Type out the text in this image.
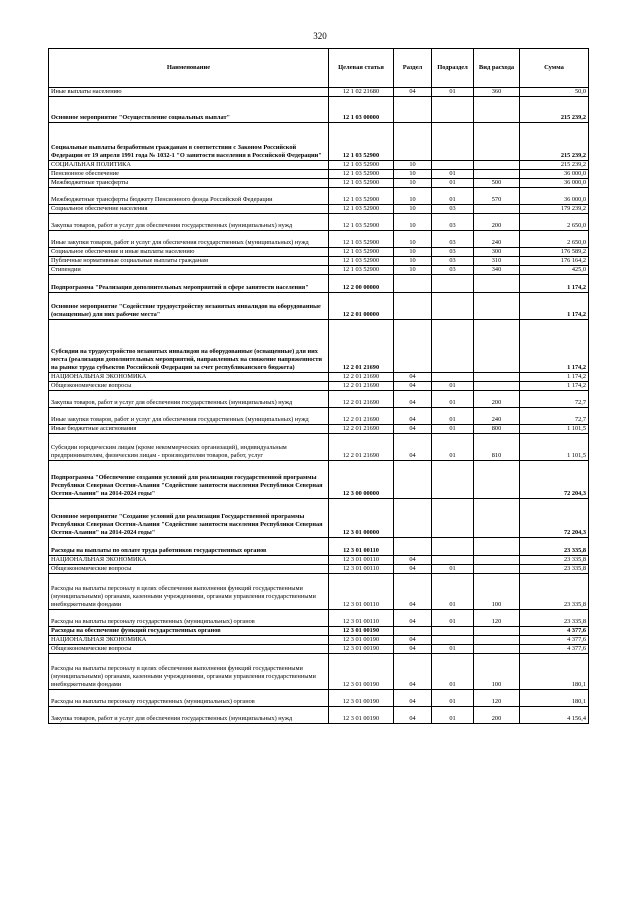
320
Наименование	Целевая статья	Раздел	Подраздел	Вид расхода	Сумма
Иные выплаты населению	12 1 02 21680	04	01	360	50,0
Основное мероприятие "Осуществление социальных выплат"	12 1 03 00000				215 239,2
Социальные выплаты безработным гражданам в соответствии с Законом Российской Федерации от 19 апреля 1991 года № 1032-1 "О занятости населения в Российской Федерации"	12 1 03 52900				215 239,2
СОЦИАЛЬНАЯ ПОЛИТИКА	12 1 03 52900	10			215 239,2
Пенсионное обеспечение	12 1 03 52900	10	01		36 000,0
Межбюджетные трансферты	12 1 03 52900	10	01	500	36 000,0
Межбюджетные трансферты бюджету Пенсионного фонда Российской Федерации	12 1 03 52900	10	01	570	36 000,0
Социальное обеспечение населения	12 1 03 52900	10	03		179 239,2
Закупка товаров, работ и услуг для обеспечения государственных (муниципальных) нужд	12 1 03 52900	10	03	200	2 650,0
Иные закупки товаров, работ и услуг для обеспечения государственных (муниципальных) нужд	12 1 03 52900	10	03	240	2 650,0
Социальное обеспечение и иные выплаты населению	12 1 03 52900	10	03	300	176 589,2
Публичные нормативные социальные выплаты гражданам	12 1 03 52900	10	03	310	176 164,2
Стипендии	12 1 03 52900	10	03	340	425,0
Подпрограмма "Реализация дополнительных мероприятий в сфере занятости населения"	12 2 00 00000				1 174,2
Основное мероприятие "Содействие трудоустройству незанятых инвалидов на оборудованные (оснащенные) для них рабочие места"	12 2 01 00000				1 174,2
Субсидии на трудоустройство незанятых инвалидов на оборудованные (оснащенные) для них места (реализация дополнительных мероприятий, направленных на снижение напряженности на рынке труда субъектов Российской Федерации за счет республиканского бюджета)	12 2 01 21690				1 174,2
НАЦИОНАЛЬНАЯ ЭКОНОМИКА	12 2 01 21690	04			1 174,2
Общеэкономические вопросы	12 2 01 21690	04	01		1 174,2
Закупка товаров, работ и услуг для обеспечения государственных (муниципальных) нужд	12 2 01 21690	04	01	200	72,7
Иные закупки товаров, работ и услуг для обеспечения государственных (муниципальных) нужд	12 2 01 21690	04	01	240	72,7
Иные бюджетные ассигнования	12 2 01 21690	04	01	800	1 101,5
Субсидии юридическим лицам (кроме некоммерческих организаций), индивидуальным предпринимателям, физическим лицам - производителям товаров, работ, услуг	12 2 01 21690	04	01	810	1 101,5
Подпрограмма "Обеспечение создания условий для реализации государственной программы Республики Северная Осетия-Алания "Содействие занятости населения Республики Северная Осетия-Алания" на 2014-2024 годы"	12 3 00 00000				72 204,3
Основное мероприятие "Создание условий для реализации Государственной программы Республики Северная Осетия-Алания "Содействие занятости населения Республики Северная Осетия-Алания" на 2014-2024 годы"	12 3 01 00000				72 204,3
Расходы на выплаты по оплате труда работников государственных органов	12 3 01 00110				23 335,8
НАЦИОНАЛЬНАЯ ЭКОНОМИКА	12 3 01 00110	04			23 335,8
Общеэкономические вопросы	12 3 01 00110	04	01		23 335,8
Расходы на выплаты персоналу в целях обеспечения выполнения функций государственными (муниципальными) органами, казенными учреждениями, органами управления государственными внебюджетными фондами	12 3 01 00110	04	01	100	23 335,8
Расходы на выплаты персоналу государственных (муниципальных) органов	12 3 01 00110	04	01	120	23 335,8
Расходы на обеспечение функций государственных органов	12 3 01 00190				4 377,6
НАЦИОНАЛЬНАЯ ЭКОНОМИКА	12 3 01 00190	04			4 377,6
Общеэкономические вопросы	12 3 01 00190	04	01		4 377,6
Расходы на выплаты персоналу в целях обеспечения выполнения функций государственными (муниципальными) органами, казенными учреждениями, органами управления государственными внебюджетными фондами	12 3 01 00190	04	01	100	180,1
Расходы на выплаты персоналу государственных (муниципальных) органов	12 3 01 00190	04	01	120	180,1
Закупка товаров, работ и услуг для обеспечения государственных (муниципальных) нужд	12 3 01 00190	04	01	200	4 156,4
